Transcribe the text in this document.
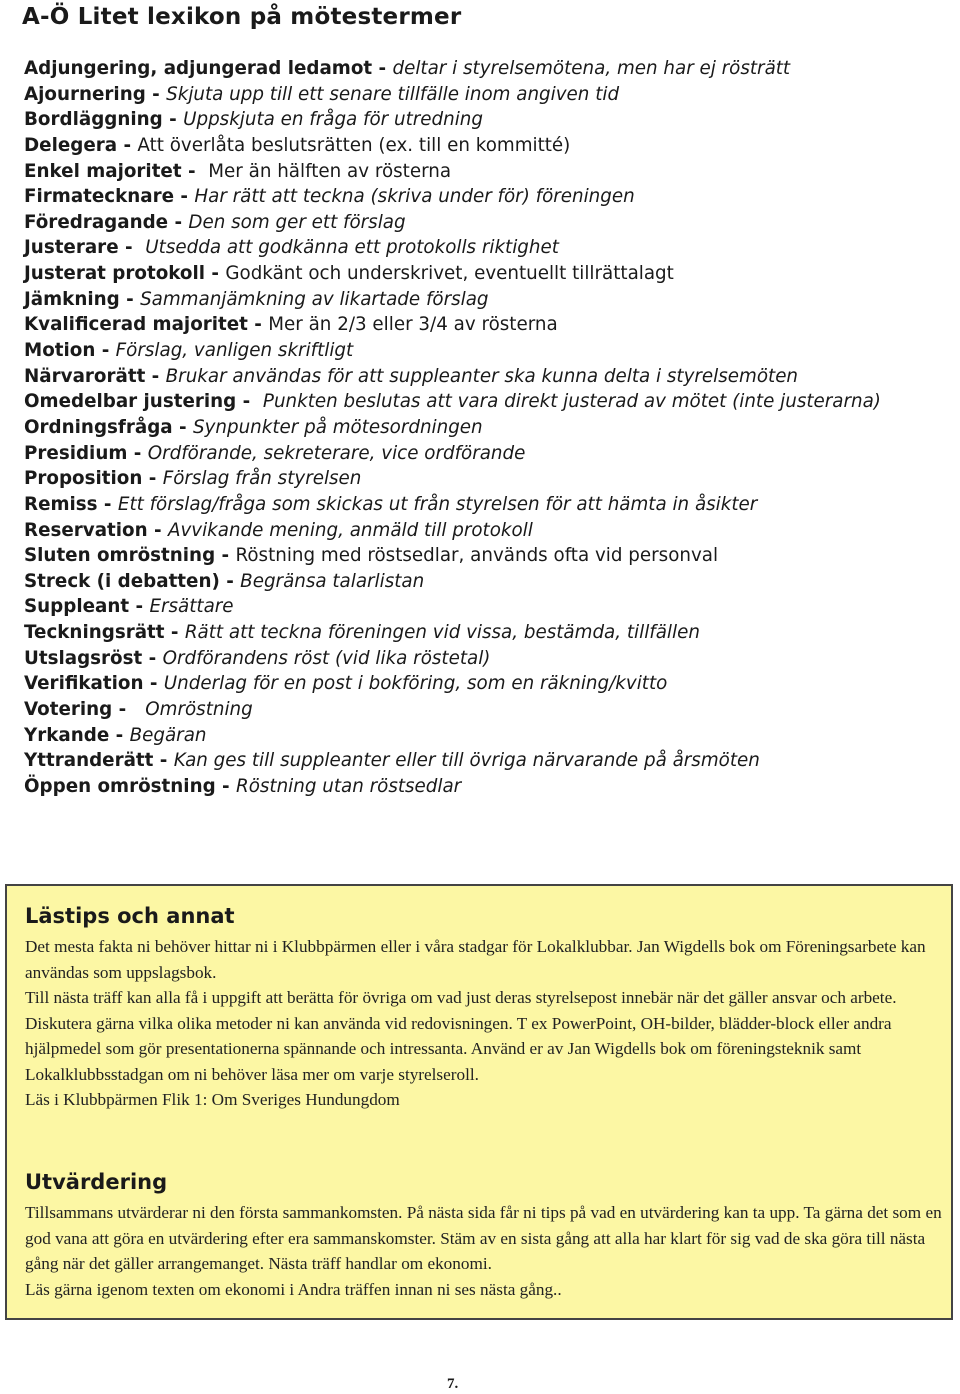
A-Ö Litet lexikon på mötestermer
Adjungering, adjungerad ledamot - deltar i styrelsemötena, men har ej rösträtt
Ajournering - Skjuta upp till ett senare tillfälle inom angiven tid
Bordläggning - Uppskjuta en fråga för utredning
Delegera - Att överlåta beslutsrätten (ex. till en kommitté)
Enkel majoritet -  Mer än hälften av rösterna
Firmatecknare - Har rätt att teckna (skriva under för) föreningen
Föredragande - Den som ger ett förslag
Justerare -  Utsedda att godkänna ett protokolls riktighet
Justerat protokoll - Godkänt och underskrivet, eventuellt tillrättalagt
Jämkning - Sammanjämkning av likartade förslag
Kvalificerad majoritet - Mer än 2/3 eller 3/4 av rösterna
Motion - Förslag, vanligen skriftligt
Närvarorätt - Brukar användas för att suppleanter ska kunna delta i styrelsemöten
Omedelbar justering -  Punkten beslutas att vara direkt justerad av mötet (inte justerarna)
Ordningsfråga - Synpunkter på mötesordningen
Presidium - Ordförande, sekreterare, vice ordförande
Proposition - Förslag från styrelsen
Remiss - Ett förslag/fråga som skickas ut från styrelsen för att hämta in åsikter
Reservation - Avvikande mening, anmäld till protokoll
Sluten omröstning - Röstning med röstsedlar, används ofta vid personval
Streck (i debatten) - Begränsa talarlistan
Suppleant - Ersättare
Teckningsrätt - Rätt att teckna föreningen vid vissa, bestämda, tillfällen
Utslagsröst - Ordförandens röst (vid lika röstetal)
Verifikation - Underlag för en post i bokföring, som en räkning/kvitto
Votering -   Omröstning
Yrkande - Begäran
Yttranderätt - Kan ges till suppleanter eller till övriga närvarande på årsmöten
Öppen omröstning - Röstning utan röstsedlar
Lästips och annat

Det mesta fakta ni behöver hittar ni i Klubbpärmen eller i våra stadgar för Lokalklubbar. Jan Wigdells bok om Föreningsarbete kan användas som uppslagsbok.

Till nästa träff kan alla få i uppgift att berätta för övriga om vad just deras styrelsepost innebär när det gäller ansvar och arbete.

Diskutera gärna vilka olika metoder ni kan använda vid redovisningen. T ex PowerPoint, OH-bilder, blädder-block eller andra hjälpmedel som gör presentationerna spännande och intressanta. Använd er av Jan Wigdells bok om föreningsteknik samt Lokalklubbsstadgan om ni behöver läsa mer om varje styrelseroll.

Läs i Klubbpärmen Flik 1: Om Sveriges Hundungdom

Utvärdering

Tillsammans utvärderar ni den första sammankomsten. På nästa sida får ni tips på vad en utvärdering kan ta upp. Ta gärna det som en god vana att göra en utvärdering efter era sammanskomster. Stäm av en sista gång att alla har klart för sig vad de ska göra till nästa gång när det gäller arrangemanget. Nästa träff handlar om ekonomi.

Läs gärna igenom texten om ekonomi i Andra träffen innan ni ses nästa gång..

7.
